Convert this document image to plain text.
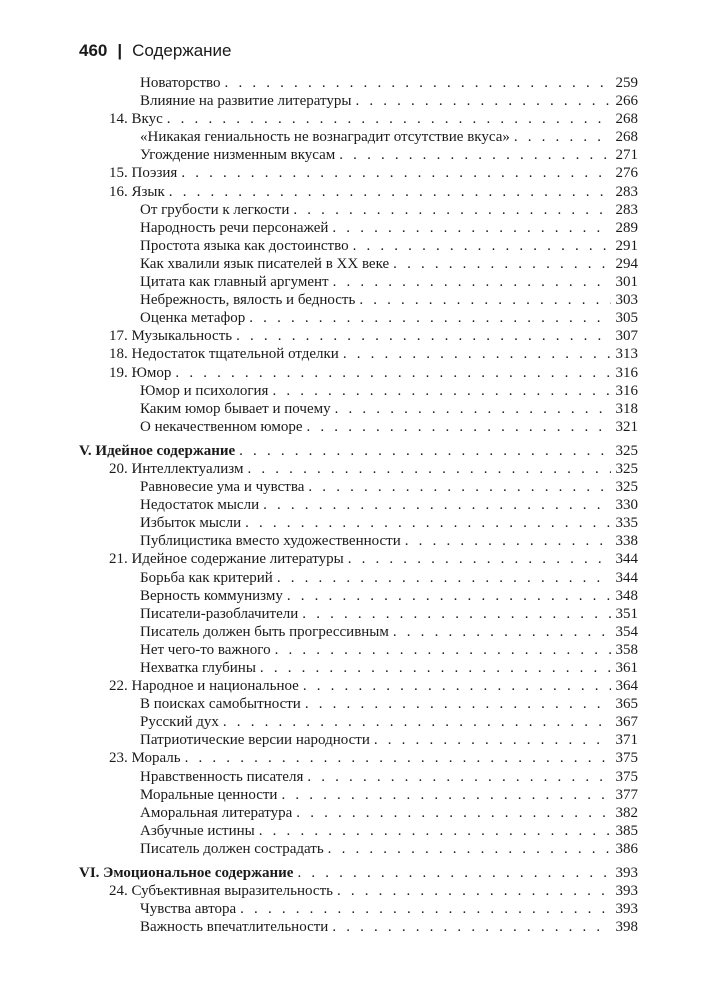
460 | Содержание
Новаторство . . .	259
Влияние на развитие литературы . . .	266
14. Вкус . . .	268
«Никакая гениальность не вознаградит отсутствие вкуса» . . .	268
Угождение низменным вкусам . . .	271
15. Поэзия . . .	276
16. Язык . . .	283
От грубости к легкости . . .	283
Народность речи персонажей . . .	289
Простота языка как достоинство . . .	291
Как хвалили язык писателей в XX веке . . .	294
Цитата как главный аргумент . . .	301
Небрежность, вялость и бедность . . .	303
Оценка метафор . . .	305
17. Музыкальность . . .	307
18. Недостаток тщательной отделки . . .	313
19. Юмор . . .	316
Юмор и психология . . .	316
Каким юмор бывает и почему . . .	318
О некачественном юморе . . .	321
V. Идейное содержание . . .	325
20. Интеллектуализм . . .	325
Равновесие ума и чувства . . .	325
Недостаток мысли . . .	330
Избыток мысли . . .	335
Публицистика вместо художественности . . .	338
21. Идейное содержание литературы . . .	344
Борьба как критерий . . .	344
Верность коммунизму . . .	348
Писатели-разоблачители . . .	351
Писатель должен быть прогрессивным . . .	354
Нет чего-то важного . . .	358
Нехватка глубины . . .	361
22. Народное и национальное . . .	364
В поисках самобытности . . .	365
Русский дух . . .	367
Патриотические версии народности . . .	371
23. Мораль . . .	375
Нравственность писателя . . .	375
Моральные ценности . . .	377
Аморальная литература . . .	382
Азбучные истины . . .	385
Писатель должен сострадать . . .	386
VI. Эмоциональное содержание . . .	393
24. Субъективная выразительность . . .	393
Чувства автора . . .	393
Важность впечатлительности . . .	398
